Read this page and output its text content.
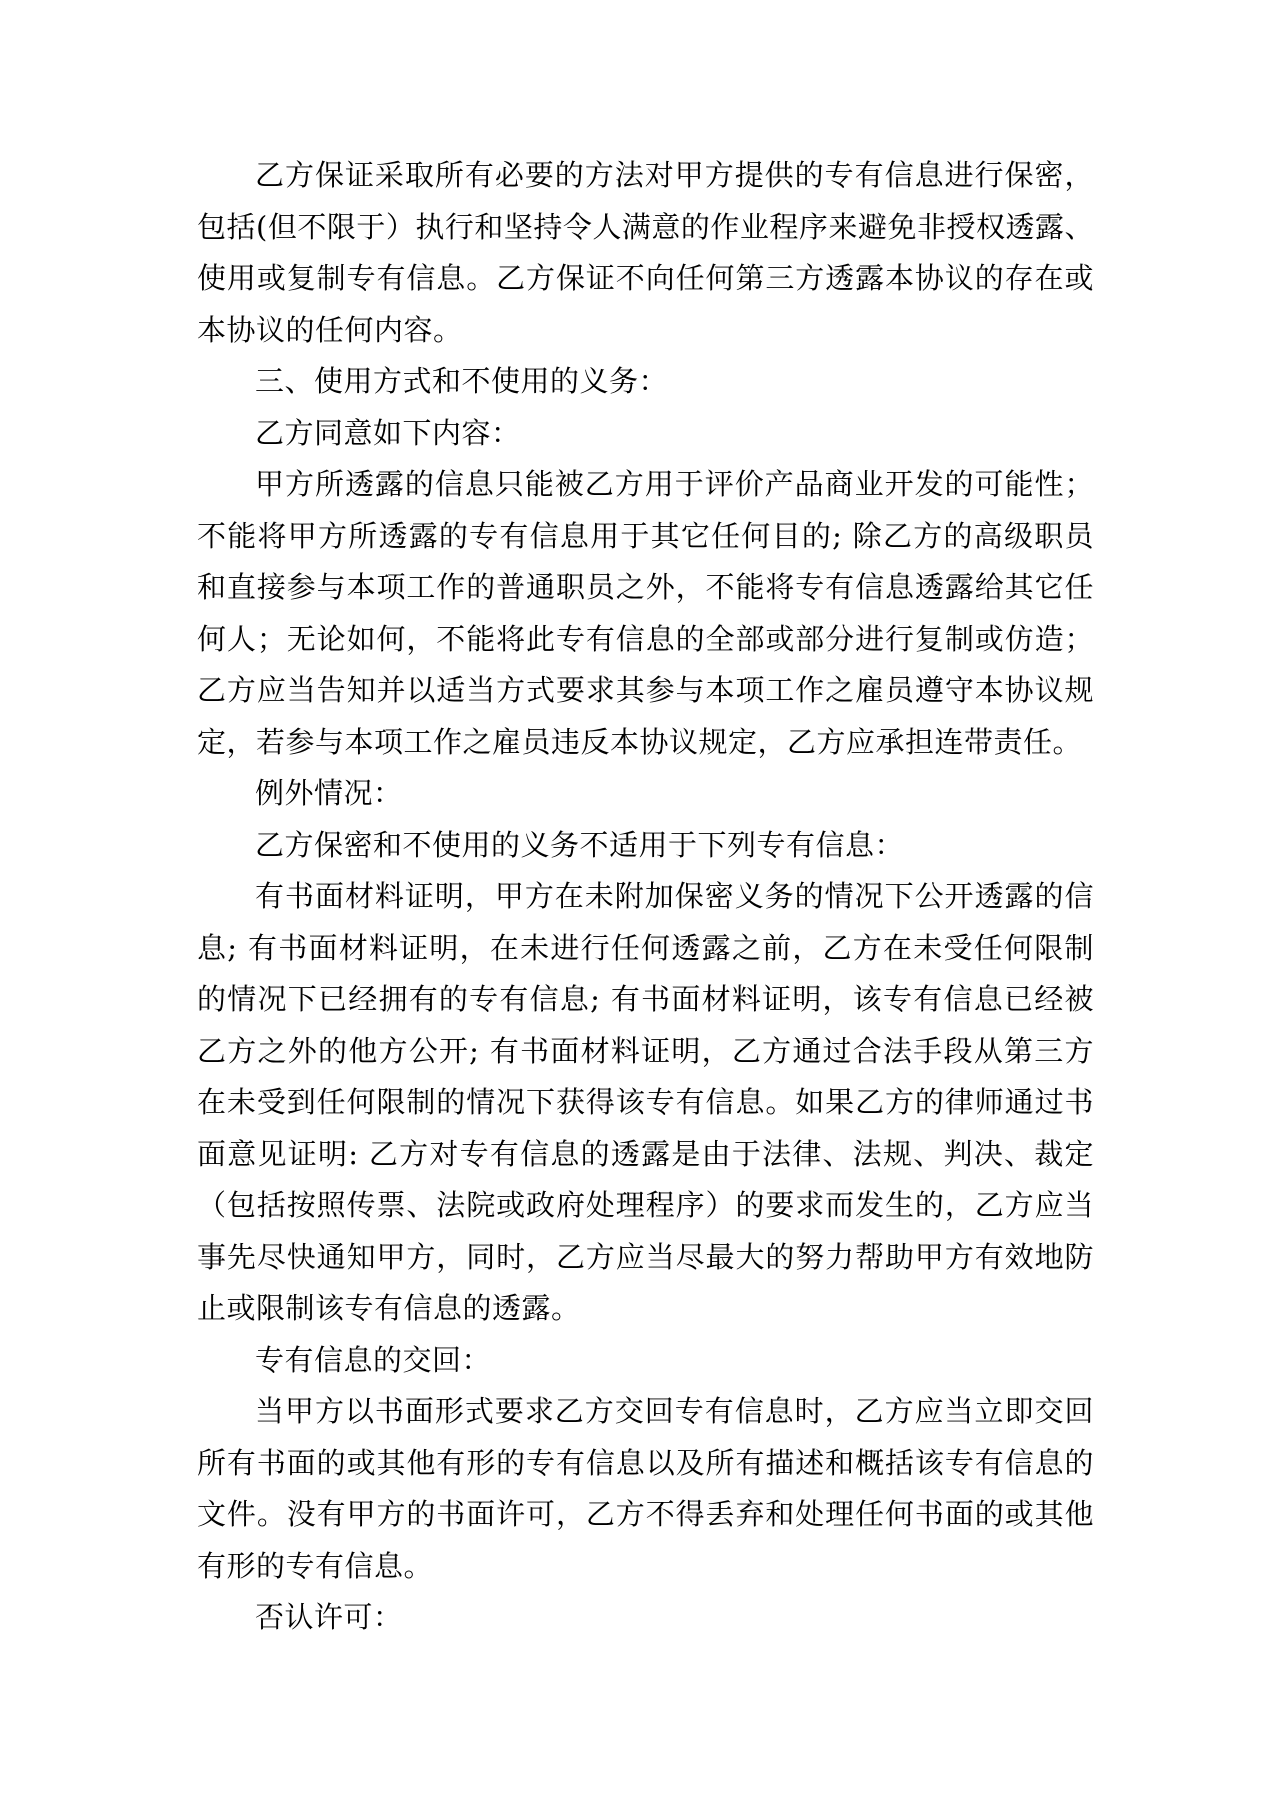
乙方保证采取所有必要的方法对甲方提供的专有信息进行保密，包括(但不限于）执行和坚持令人满意的作业程序来避免非授权透露、使用或复制专有信息。乙方保证不向任何第三方透露本协议的存在或本协议的任何内容。

三、使用方式和不使用的义务：

乙方同意如下内容：

甲方所透露的信息只能被乙方用于评价产品商业开发的可能性；不能将甲方所透露的专有信息用于其它任何目的; 除乙方的高级职员和直接参与本项工作的普通职员之外，不能将专有信息透露给其它任何人；无论如何，不能将此专有信息的全部或部分进行复制或仿造；乙方应当告知并以适当方式要求其参与本项工作之雇员遵守本协议规定，若参与本项工作之雇员违反本协议规定，乙方应承担连带责任。

例外情况：

乙方保密和不使用的义务不适用于下列专有信息：

有书面材料证明，甲方在未附加保密义务的情况下公开透露的信息; 有书面材料证明，在未进行任何透露之前，乙方在未受任何限制的情况下已经拥有的专有信息; 有书面材料证明，该专有信息已经被乙方之外的他方公开; 有书面材料证明，乙方通过合法手段从第三方在未受到任何限制的情况下获得该专有信息。如果乙方的律师通过书面意见证明: 乙方对专有信息的透露是由于法律、法规、判决、裁定（包括按照传票、法院或政府处理程序）的要求而发生的，乙方应当事先尽快通知甲方，同时，乙方应当尽最大的努力帮助甲方有效地防止或限制该专有信息的透露。

专有信息的交回：

当甲方以书面形式要求乙方交回专有信息时，乙方应当立即交回所有书面的或其他有形的专有信息以及所有描述和概括该专有信息的文件。没有甲方的书面许可，乙方不得丢弃和处理任何书面的或其他有形的专有信息。

否认许可：
